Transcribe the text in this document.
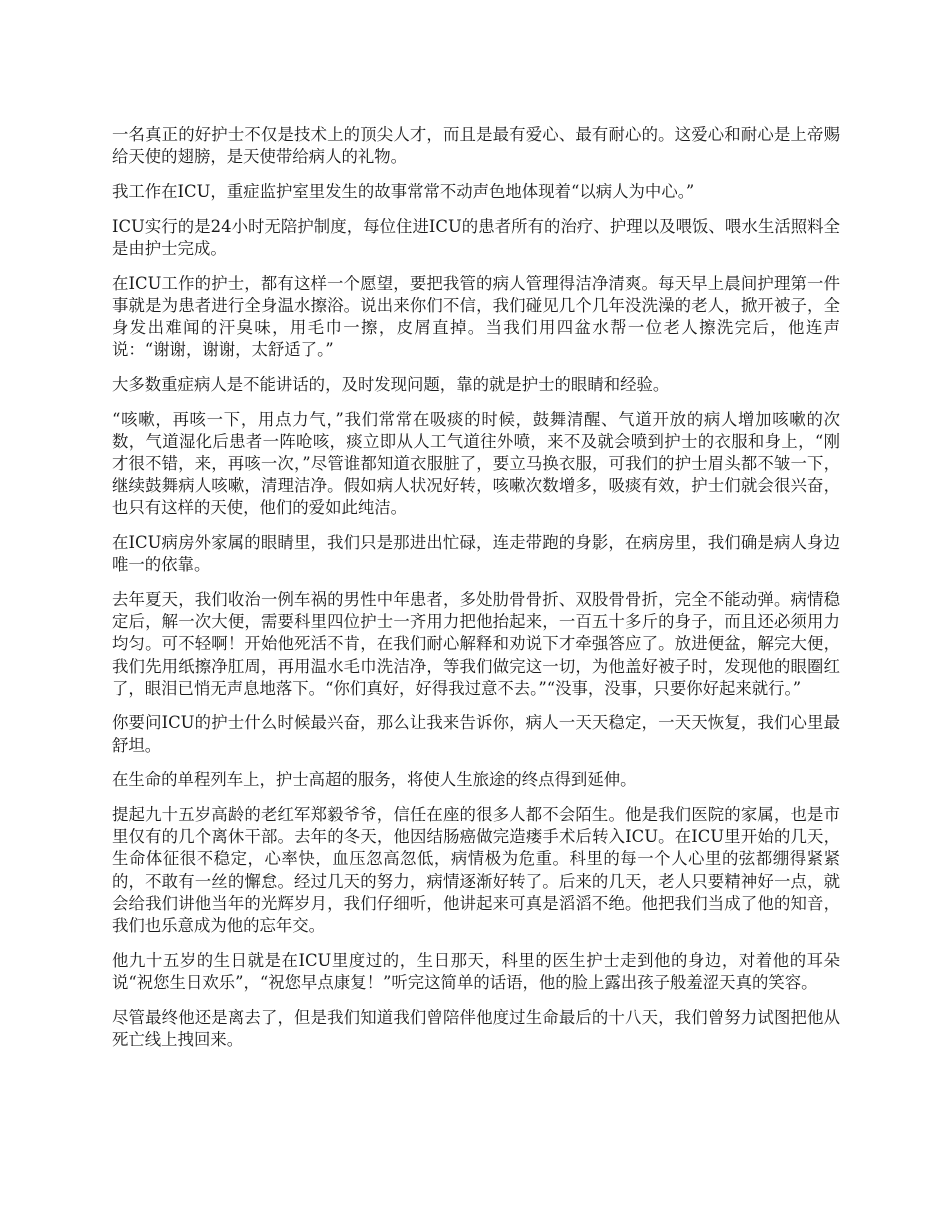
一名真正的好护士不仅是技术上的顶尖人才，而且是最有爱心、最有耐心的。这爱心和耐心是上帝赐给天使的翅膀，是天使带给病人的礼物。

我工作在ICU，重症监护室里发生的故事常常不动声色地体现着“以病人为中心。”

ICU实行的是24小时无陪护制度，每位住进ICU的患者所有的治疗、护理以及喂饭、喂水生活照料全是由护士完成。

在ICU工作的护士，都有这样一个愿望，要把我管的病人管理得洁净清爽。每天早上晨间护理第一件事就是为患者进行全身温水擦浴。说出来你们不信，我们碰见几个几年没洗澡的老人，掀开被子，全身发出难闻的汗臭味，用毛巾一擦，皮屑直掉。当我们用四盆水帮一位老人擦洗完后，他连声说：“谢谢，谢谢，太舒适了。”

大多数重症病人是不能讲话的，及时发现问题，靠的就是护士的眼睛和经验。

“咳嗽，再咳一下，用点力气，”我们常常在吸痰的时候，鼓舞清醒、气道开放的病人增加咳嗽的次数，气道湿化后患者一阵呛咳，痰立即从人工气道往外喷，来不及就会喷到护士的衣服和身上，“刚才很不错，来，再咳一次，”尽管谁都知道衣服脏了，要立马换衣服，可我们的护士眉头都不皱一下，继续鼓舞病人咳嗽，清理洁净。假如病人状况好转，咳嗽次数增多，吸痰有效，护士们就会很兴奋，也只有这样的天使，他们的爱如此纯洁。

在ICU病房外家属的眼睛里，我们只是那进出忙碌，连走带跑的身影，在病房里，我们确是病人身边唯一的依靠。

去年夏天，我们收治一例车祸的男性中年患者，多处肋骨骨折、双股骨骨折，完全不能动弹。病情稳定后，解一次大便，需要科里四位护士一齐用力把他抬起来，一百五十多斤的身子，而且还必须用力均匀。可不轻啊！开始他死活不肯，在我们耐心解释和劝说下才牵强答应了。放进便盆，解完大便，我们先用纸擦净肛周，再用温水毛巾洗洁净，等我们做完这一切，为他盖好被子时，发现他的眼圈红了，眼泪已悄无声息地落下。“你们真好，好得我过意不去。”“没事，没事，只要你好起来就行。”

你要问ICU的护士什么时候最兴奋，那么让我来告诉你，病人一天天稳定，一天天恢复，我们心里最舒坦。

在生命的单程列车上，护士高超的服务，将使人生旅途的终点得到延伸。

提起九十五岁高龄的老红军郑毅爷爷，信任在座的很多人都不会陌生。他是我们医院的家属，也是市里仅有的几个离休干部。去年的冬天，他因结肠癌做完造瘘手术后转入ICU。在ICU里开始的几天，生命体征很不稳定，心率快，血压忽高忽低，病情极为危重。科里的每一个人心里的弦都绷得紧紧的，不敢有一丝的懈怠。经过几天的努力，病情逐渐好转了。后来的几天，老人只要精神好一点，就会给我们讲他当年的光辉岁月，我们仔细听，他讲起来可真是滔滔不绝。他把我们当成了他的知音，我们也乐意成为他的忘年交。

他九十五岁的生日就是在ICU里度过的，生日那天，科里的医生护士走到他的身边，对着他的耳朵说“祝您生日欢乐”，“祝您早点康复！”听完这简单的话语，他的脸上露出孩子般羞涩天真的笑容。

尽管最终他还是离去了，但是我们知道我们曾陪伴他度过生命最后的十八天，我们曾努力试图把他从死亡线上拽回来。
